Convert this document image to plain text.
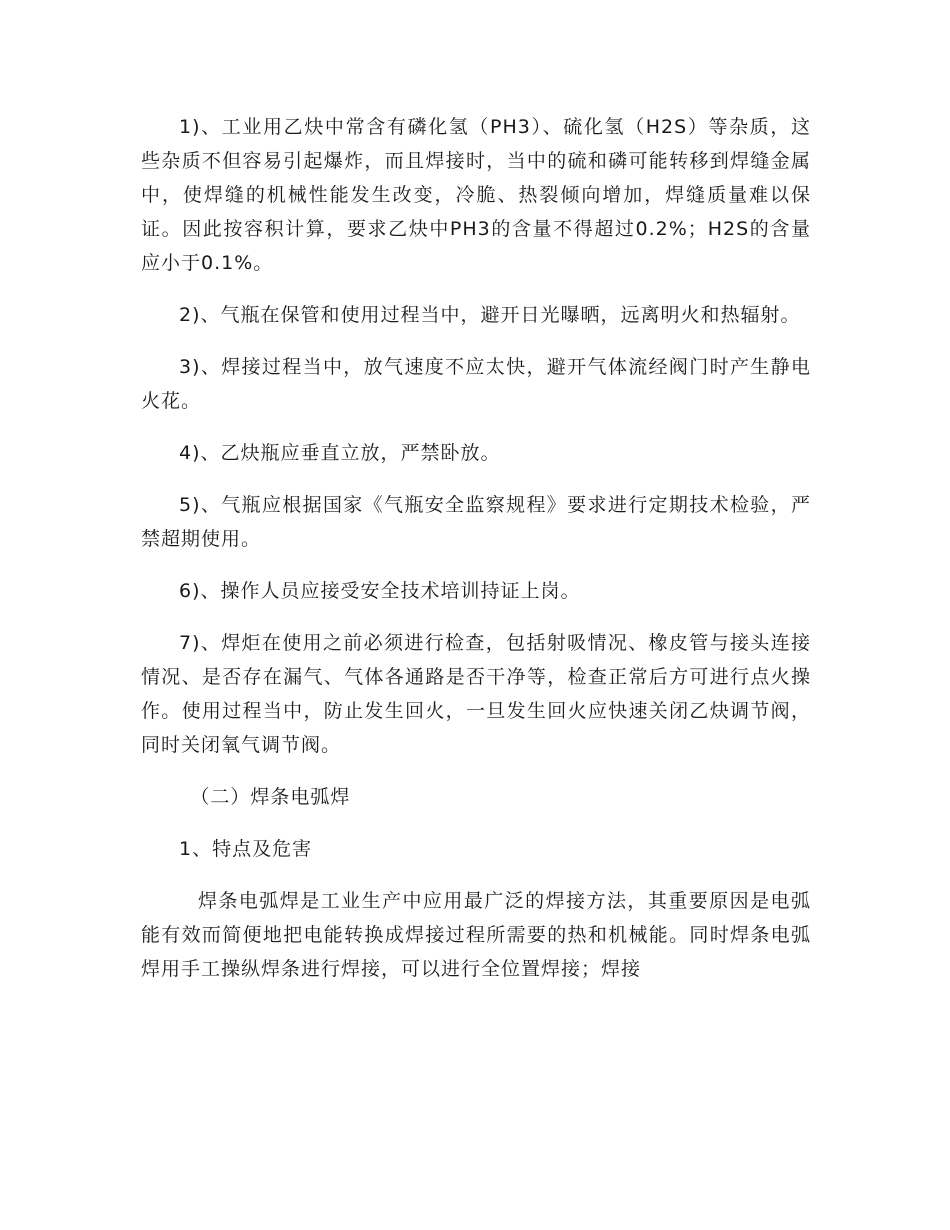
1)、工业用乙炔中常含有磷化氢（PH3）、硫化氢（H2S）等杂质，这些杂质不但容易引起爆炸，而且焊接时，当中的硫和磷可能转移到焊缝金属中，使焊缝的机械性能发生改变，冷脆、热裂倾向增加，焊缝质量难以保证。因此按容积计算，要求乙炔中PH3的含量不得超过0.2%；H2S的含量应小于0.1%。

2)、气瓶在保管和使用过程当中，避开日光曝晒，远离明火和热辐射。

3)、焊接过程当中，放气速度不应太快，避开气体流经阀门时产生静电火花。

4)、乙炔瓶应垂直立放，严禁卧放。

5)、气瓶应根据国家《气瓶安全监察规程》要求进行定期技术检验，严禁超期使用。

6)、操作人员应接受安全技术培训持证上岗。

7)、焊炬在使用之前必须进行检查，包括射吸情况、橡皮管与接头连接情况、是否存在漏气、气体各通路是否干净等，检查正常后方可进行点火操作。使用过程当中，防止发生回火，一旦发生回火应快速关闭乙炔调节阀，同时关闭氧气调节阀。

（二）焊条电弧焊

1、特点及危害

焊条电弧焊是工业生产中应用最广泛的焊接方法，其重要原因是电弧能有效而简便地把电能转换成焊接过程所需要的热和机械能。同时焊条电弧焊用手工操纵焊条进行焊接，可以进行全位置焊接；焊接
